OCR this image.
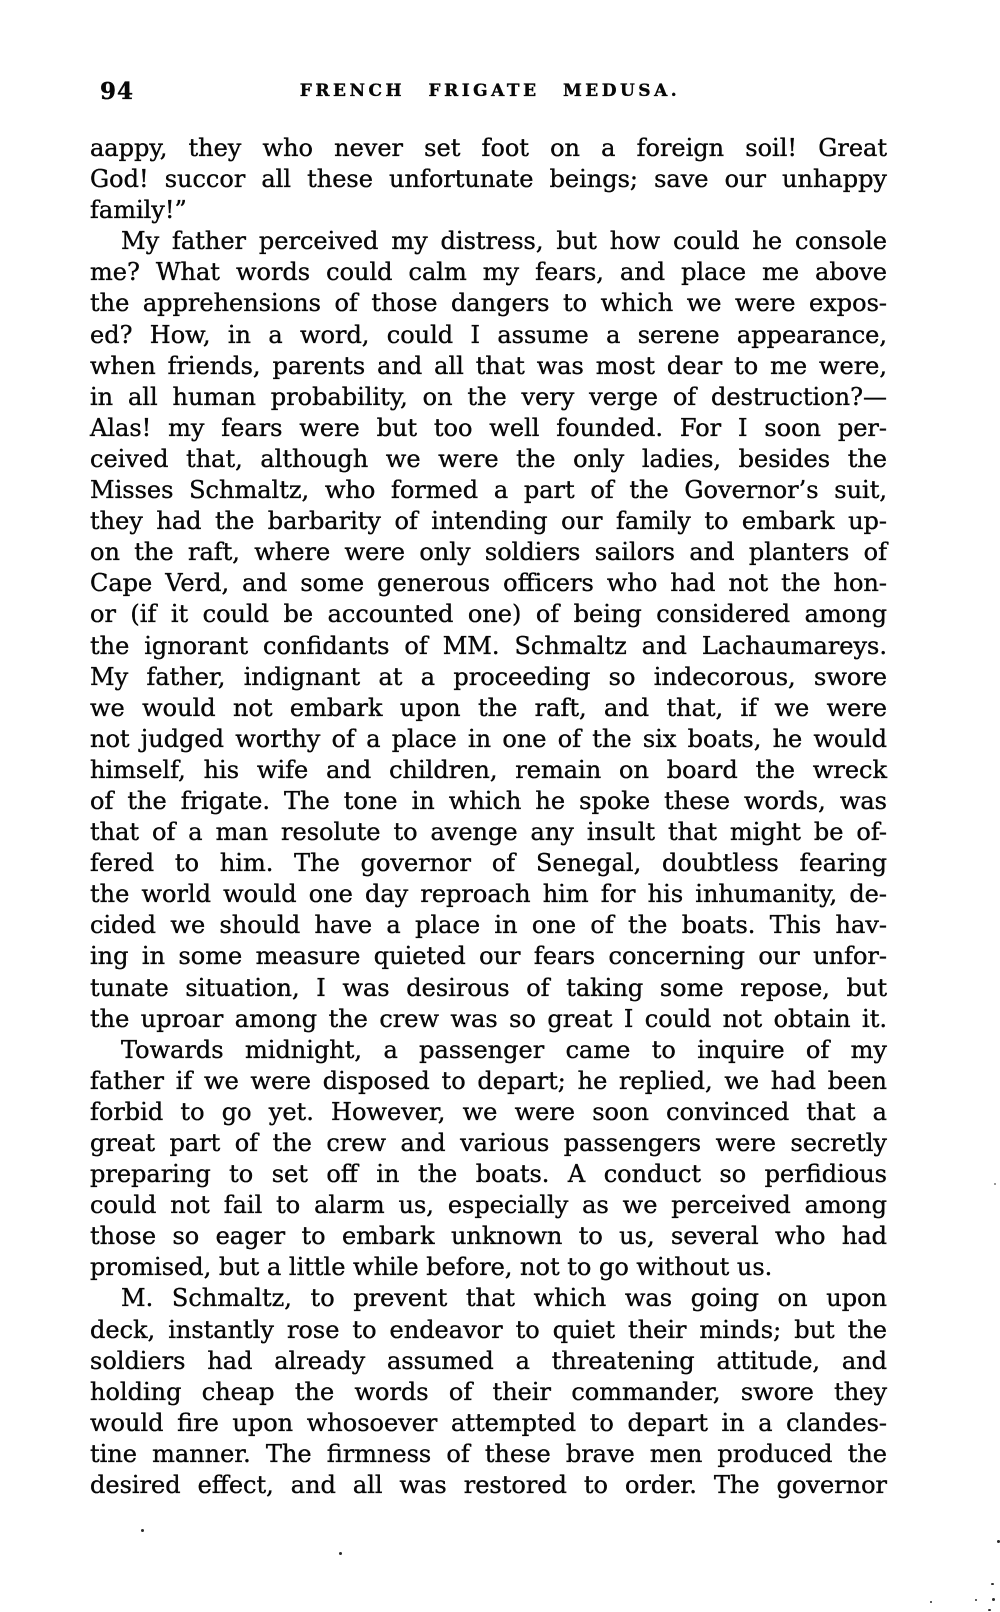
94	FRENCH FRIGATE MEDUSA.
aappy, they who never set foot on a foreign soil! Great
God! succor all these unfortunate beings; save our unhappy
family!”
My father perceived my distress, but how could he console
me? What words could calm my fears, and place me above
the apprehensions of those dangers to which we were expos-
ed? How, in a word, could I assume a serene appearance,
when friends, parents and all that was most dear to me were,
in all human probability, on the very verge of destruction?—
Alas! my fears were but too well founded. For I soon per-
ceived that, although we were the only ladies, besides the
Misses Schmaltz, who formed a part of the Governor’s suit,
they had the barbarity of intending our family to embark up-
on the raft, where were only soldiers sailors and planters of
Cape Verd, and some generous officers who had not the hon-
or (if it could be accounted one) of being considered among
the ignorant confidants of MM. Schmaltz and Lachaumareys.
My father, indignant at a proceeding so indecorous, swore
we would not embark upon the raft, and that, if we were
not judged worthy of a place in one of the six boats, he would
himself, his wife and children, remain on board the wreck
of the frigate. The tone in which he spoke these words, was
that of a man resolute to avenge any insult that might be of-
fered to him. The governor of Senegal, doubtless fearing
the world would one day reproach him for his inhumanity, de-
cided we should have a place in one of the boats. This hav-
ing in some measure quieted our fears concerning our unfor-
tunate situation, I was desirous of taking some repose, but
the uproar among the crew was so great I could not obtain it.
Towards midnight, a passenger came to inquire of my
father if we were disposed to depart; he replied, we had been
forbid to go yet. However, we were soon convinced that a
great part of the crew and various passengers were secretly
preparing to set off in the boats. A conduct so perfidious
could not fail to alarm us, especially as we perceived among
those so eager to embark unknown to us, several who had
promised, but a little while before, not to go without us.
M. Schmaltz, to prevent that which was going on upon
deck, instantly rose to endeavor to quiet their minds; but the
soldiers had already assumed a threatening attitude, and
holding cheap the words of their commander, swore they
would fire upon whosoever attempted to depart in a clandes-
tine manner. The firmness of these brave men produced the
desired effect, and all was restored to order. The governor
